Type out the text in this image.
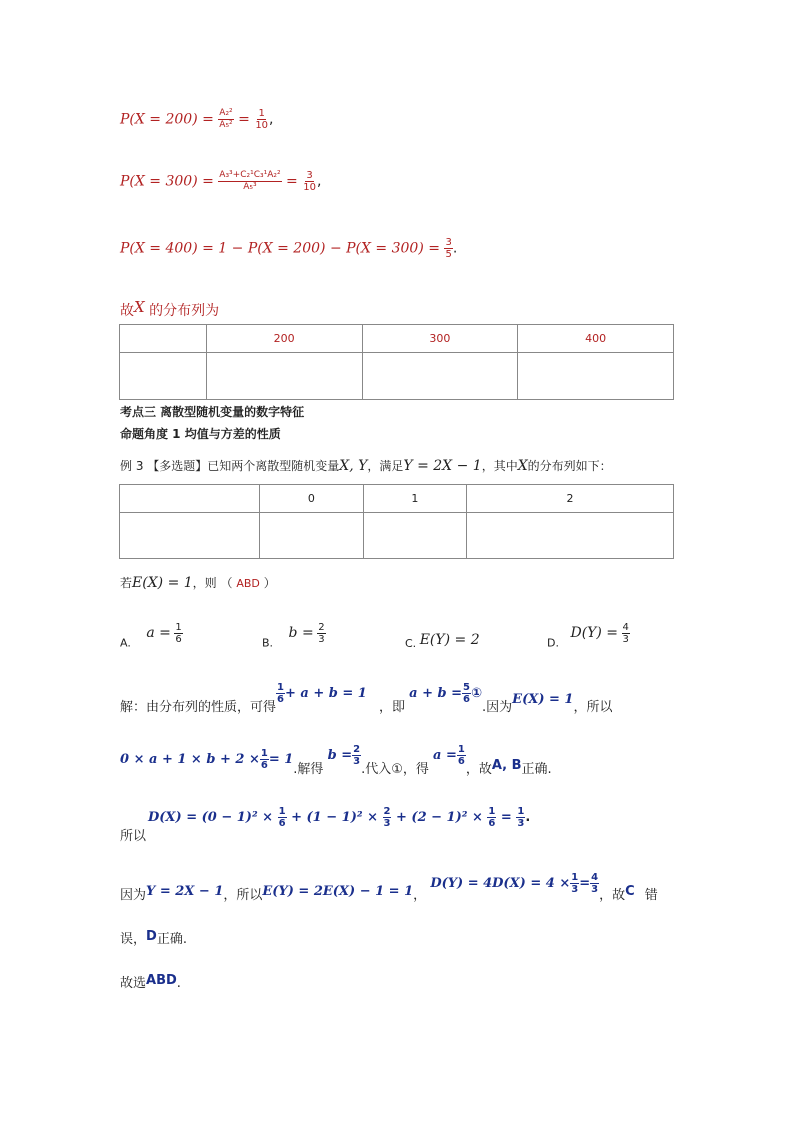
$P(X = 200) = \frac{\text{A₂²}}{\text{A₅²}} = \frac{1}{10}$ ,
$P(X = 300) = \frac{\text{A₃³+C₂¹C₃¹A₂²}}{\text{A₅³}} = \frac{3}{10}$ ,
$P(X = 400) = 1 - P(X = 200) - P(X = 300) = \frac{3}{5}$ .
故X 的分布列为
	200	300	400

考点三 离散型随机变量的数字特征
命题角度 1 均值与方差的性质
例 3 【多选题】已知两个离散型随机变量X, Y，满足Y = 2X − 1，其中X的分布列如下：
	0	1	2

若E(X) = 1，则 （ ABD ）
A. $a = \frac{1}{6}$	B. $b = \frac{2}{3}$	C. E(Y) = 2	D. $D(Y) = \frac{4}{3}$
解：由分布列的性质，可得
$\frac{1}{6} + a + b = 1$ ，即 $a + b = \frac{5}{6}$ ①.因为E(X) = 1，所以
$0 \times a + 1 \times b + 2 \times \frac{1}{6} = 1$.解得 $b = \frac{2}{3}$
.代入①，得 $a = \frac{1}{6}$
，故A, B正确.
所以
$D(X) = (0 - 1)^2 \times \frac{1}{6} + (1 - 1)^2 \times \frac{2}{3} + (2 - 1)^2 \times \frac{1}{6} = \frac{1}{3}$ .
因为Y = 2X − 1，所以E(Y) = 2E(X) − 1 = 1， $D(Y) = 4D(X) = 4 \times \frac{1}{3} = \frac{4}{3}$
，故C 错
误，D正确.
故选ABD.
